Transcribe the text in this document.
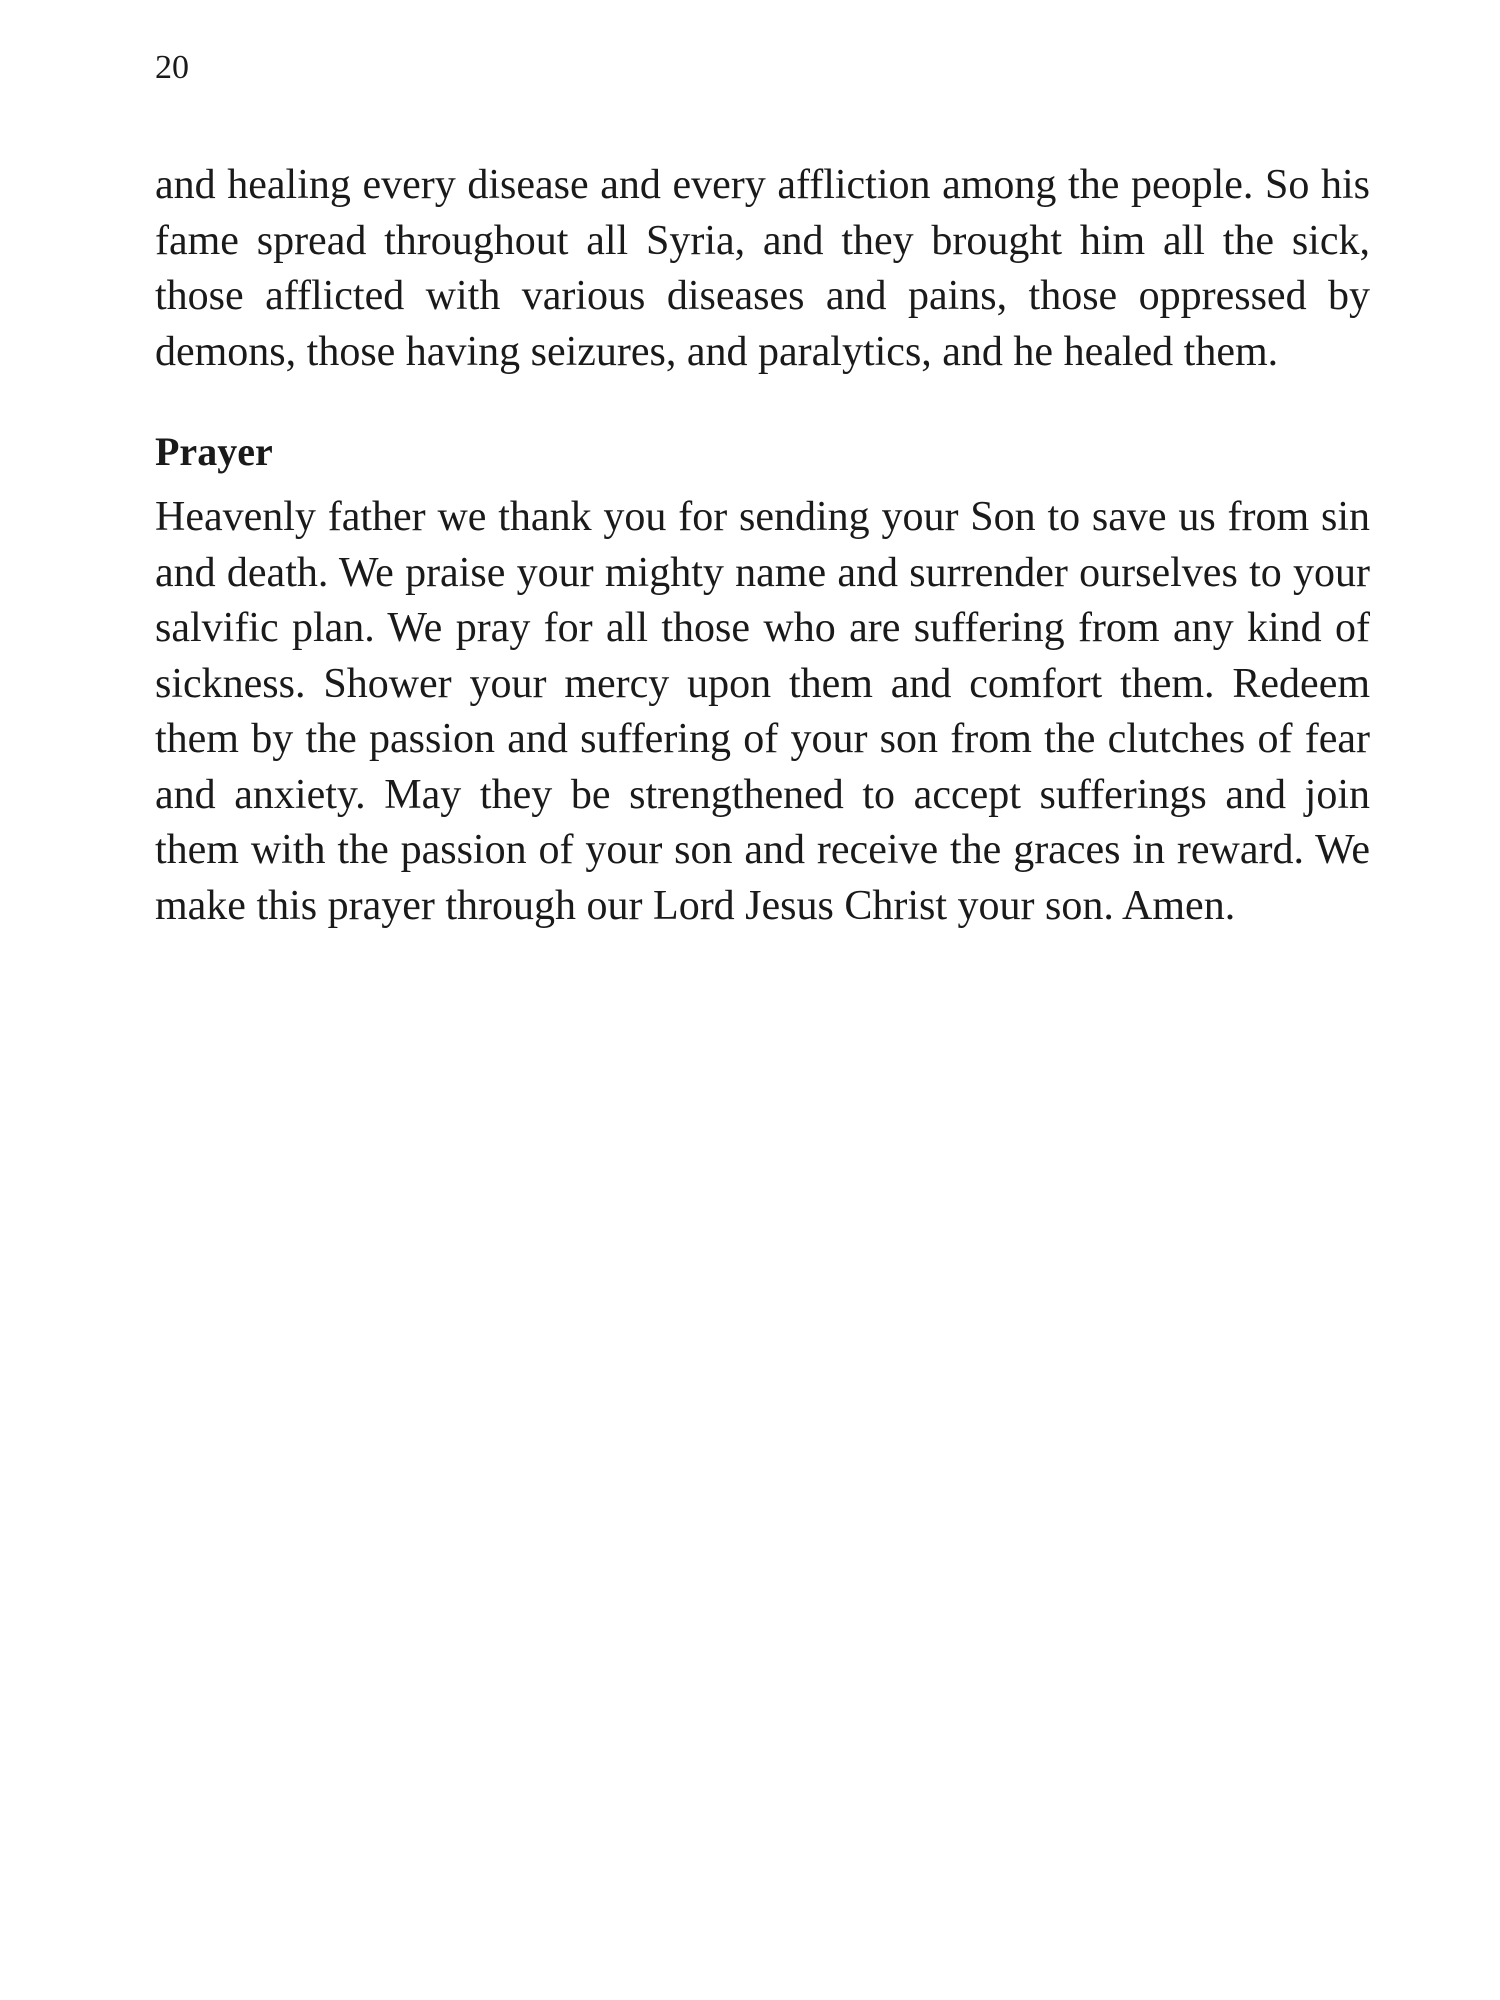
20

and healing every disease and every affliction among the people. So his fame spread throughout all Syria, and they brought him all the sick, those afflicted with various diseases and pains, those oppressed by demons, those having seizures, and paralytics, and he healed them.

Prayer

Heavenly father we thank you for sending your Son to save us from sin and death. We praise your mighty name and surrender ourselves to your salvific plan. We pray for all those who are suffering from any kind of sickness. Shower your mercy upon them and comfort them. Redeem them by the passion and suffering of your son from the clutches of fear and anxiety. May they be strengthened to accept sufferings and join them with the passion of your son and receive the graces in reward. We make this prayer through our Lord Jesus Christ your son. Amen.
